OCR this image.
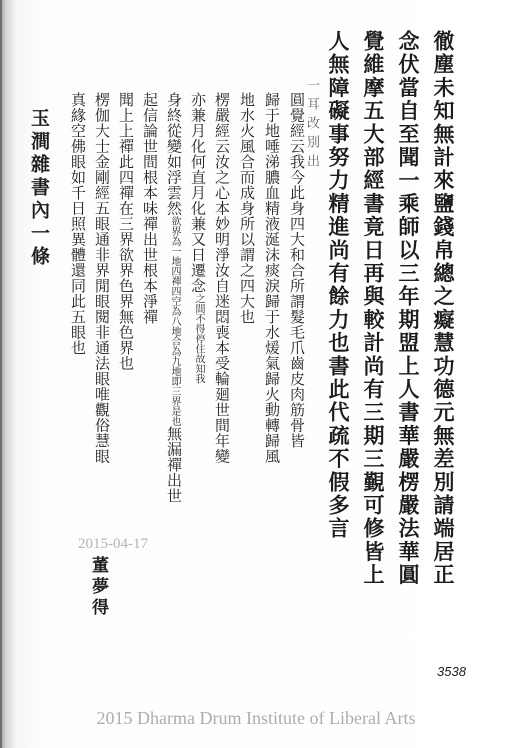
一耳改別出	徹塵未知無計來鹽錢帛總之癡慧功德元無差別請端居正
念伏當自至聞一乘師以三年期盟上人書華嚴楞嚴法華圓
覺維摩五大部經書竟日再與較計尚有三期三覲可修皆上
人無障礙事努力精進尚有餘力也書此代疏不假多言
圓覺經云我今此身四大和合所謂髮毛爪齒皮肉筋骨皆
歸于地唾涕膿血精液涎沫痰淚歸于水煖氣歸火動轉歸風
地水火風合而成身所以謂之四大也
楞嚴經云汝之心本妙明淨汝自迷悶喪本受輪廻世間年變
亦兼月化何直月化兼又日遷念之間不得停住故知我
身終從變如浮雲然欲界為一地四禪四空為八地合為九地即三界是也無漏禪出世
起信論世間根本味禪出世根本淨禪
聞上上禪此四禪在三界欲界色界無色界也
楞伽大士金剛經五眼通非界閒眼閱非通法眼唯觀俗慧眼
真緣空佛眼如千日照異體還同此五眼也
玉澗雜書內一條
2015-04-17
董夢得
3538
2015 Dharma Drum Institute of Liberal Arts
